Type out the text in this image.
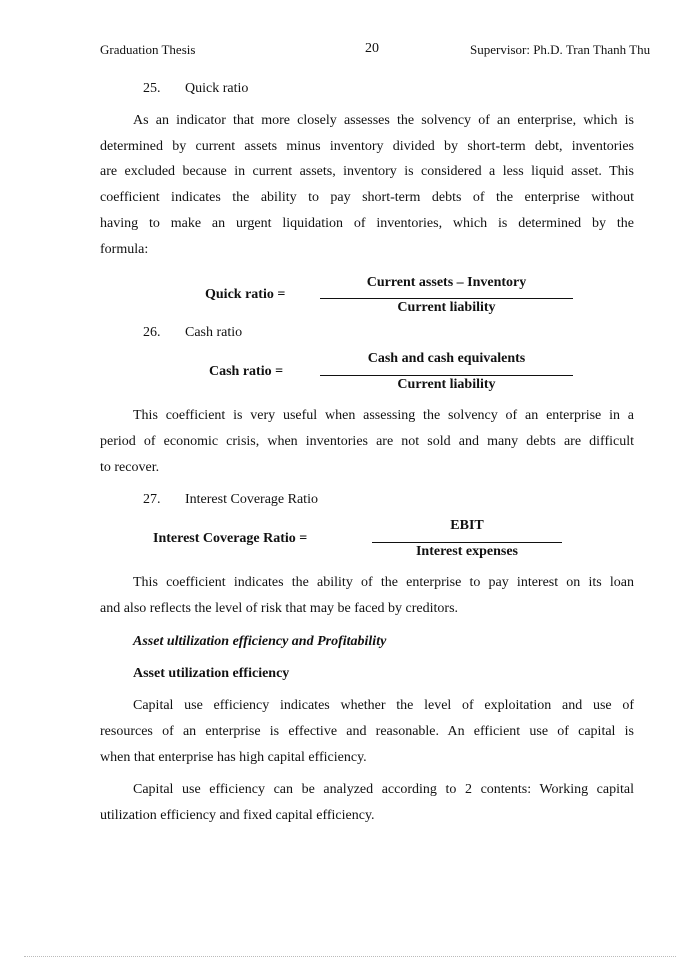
Graduation Thesis	20	Supervisor: Ph.D. Tran Thanh Thu
25. Quick ratio
As an indicator that more closely assesses the solvency of an enterprise, which is
determined by current assets minus inventory divided by short-term debt, inventories
are excluded because in current assets, inventory is considered a less liquid asset. This
coefficient indicates the ability to pay short-term debts of the enterprise without
having to make an urgent liquidation of inventories, which is determined by the
formula:
Quick ratio =
Current assets – Inventory
Current liability
26. Cash ratio
Cash ratio =
Cash and cash equivalents
Current liability
This coefficient is very useful when assessing the solvency of an enterprise in a
period of economic crisis, when inventories are not sold and many debts are difficult
to recover.
27. Interest Coverage Ratio
Interest Coverage Ratio =
EBIT
Interest expenses
This coefficient indicates the ability of the enterprise to pay interest on its loan
and also reflects the level of risk that may be faced by creditors.
Asset ultilization efficiency and Profitability
Asset utilization efficiency
Capital use efficiency indicates whether the level of exploitation and use of
resources of an enterprise is effective and reasonable. An efficient use of capital is
when that enterprise has high capital efficiency.
Capital use efficiency can be analyzed according to 2 contents: Working capital
utilization efficiency and fixed capital efficiency.
